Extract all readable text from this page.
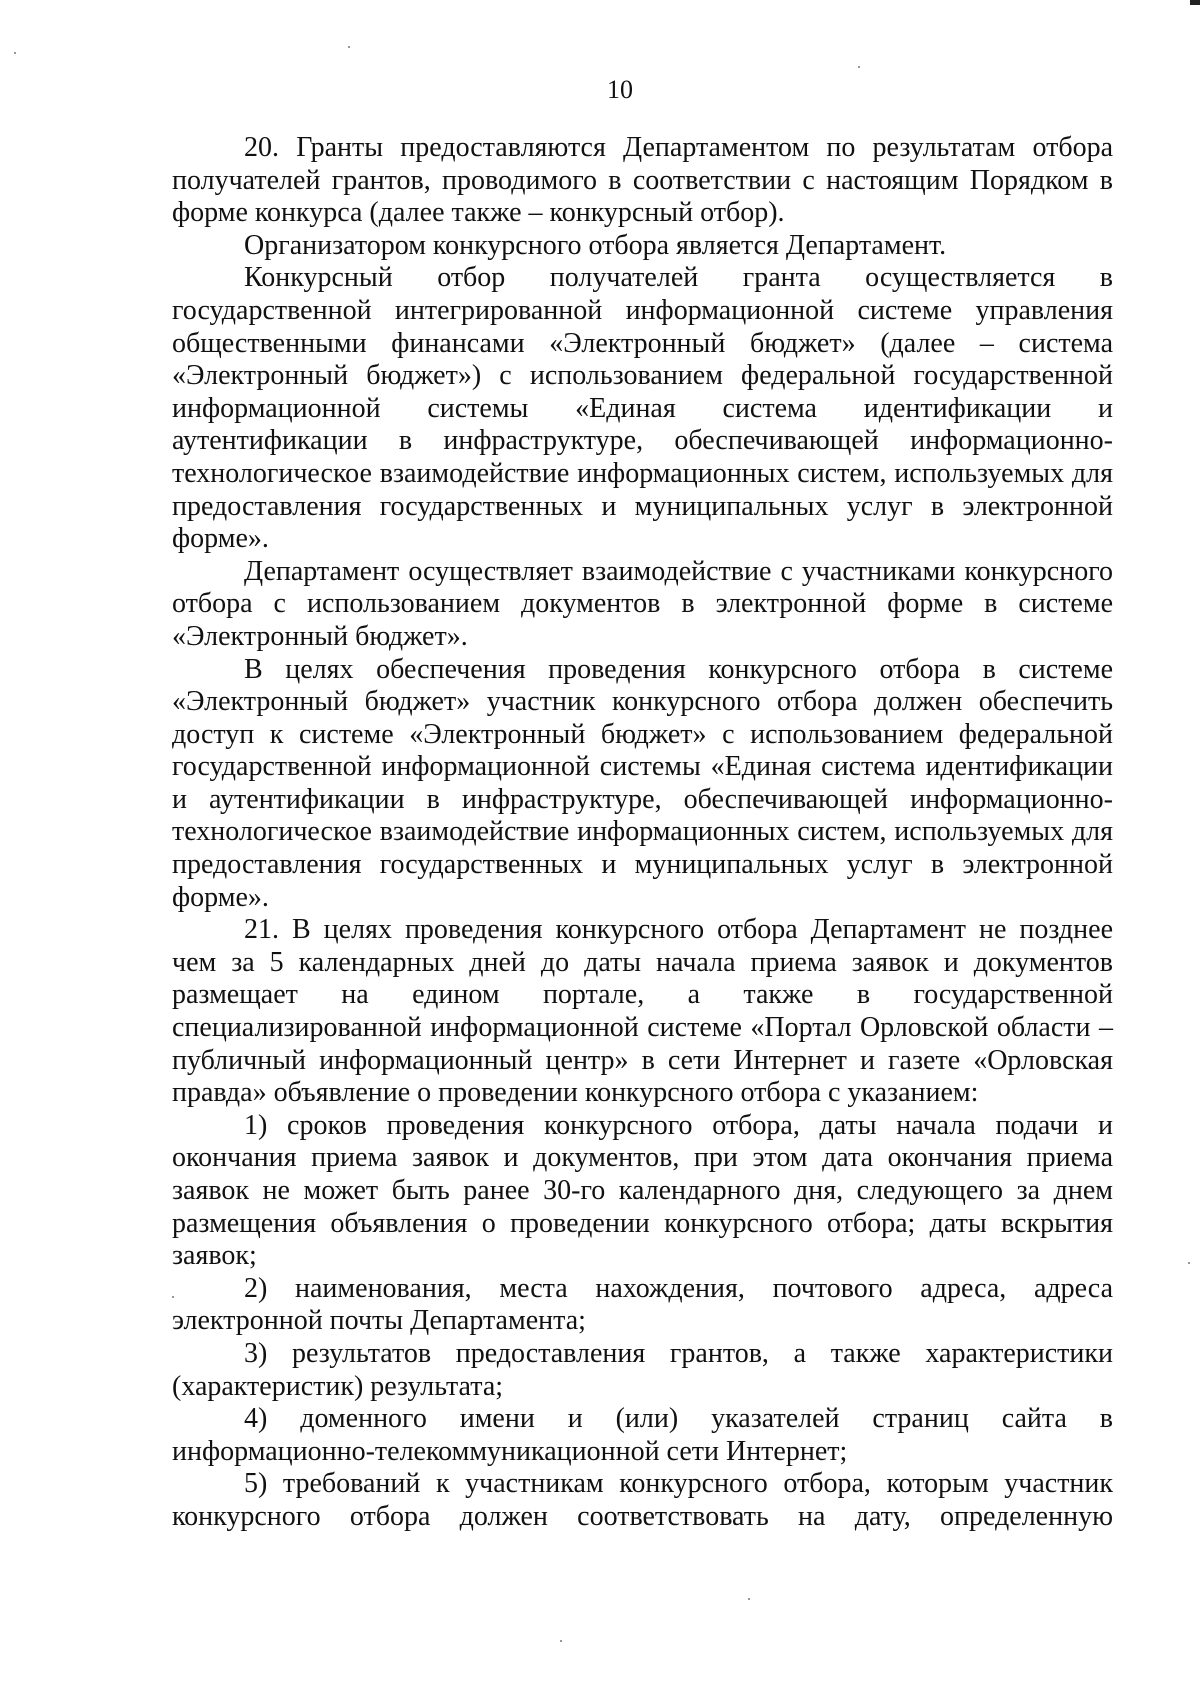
10

20. Гранты предоставляются Департаментом по результатам отбора получателей грантов, проводимого в соответствии с настоящим Порядком в форме конкурса (далее также – конкурсный отбор).

Организатором конкурсного отбора является Департамент.

Конкурсный отбор получателей гранта осуществляется в государственной интегрированной информационной системе управления общественными финансами «Электронный бюджет» (далее – система «Электронный бюджет») с использованием федеральной государственной информационной системы «Единая система идентификации и аутентификации в инфраструктуре, обеспечивающей информационно-технологическое взаимодействие информационных систем, используемых для предоставления государственных и муниципальных услуг в электронной форме».

Департамент осуществляет взаимодействие с участниками конкурсного отбора с использованием документов в электронной форме в системе «Электронный бюджет».

В целях обеспечения проведения конкурсного отбора в системе «Электронный бюджет» участник конкурсного отбора должен обеспечить доступ к системе «Электронный бюджет» с использованием федеральной государственной информационной системы «Единая система идентификации и аутентификации в инфраструктуре, обеспечивающей информационно-технологическое взаимодействие информационных систем, используемых для предоставления государственных и муниципальных услуг в электронной форме».

21. В целях проведения конкурсного отбора Департамент не позднее чем за 5 календарных дней до даты начала приема заявок и документов размещает на едином портале, а также в государственной специализированной информационной системе «Портал Орловской области – публичный информационный центр» в сети Интернет и газете «Орловская правда» объявление о проведении конкурсного отбора с указанием:

1) сроков проведения конкурсного отбора, даты начала подачи и окончания приема заявок и документов, при этом дата окончания приема заявок не может быть ранее 30-го календарного дня, следующего за днем размещения объявления о проведении конкурсного отбора; даты вскрытия заявок;

2) наименования, места нахождения, почтового адреса, адреса электронной почты Департамента;

3) результатов предоставления грантов, а также характеристики (характеристик) результата;

4) доменного имени и (или) указателей страниц сайта в информационно-телекоммуникационной сети Интернет;

5) требований к участникам конкурсного отбора, которым участник конкурсного отбора должен соответствовать на дату, определенную
